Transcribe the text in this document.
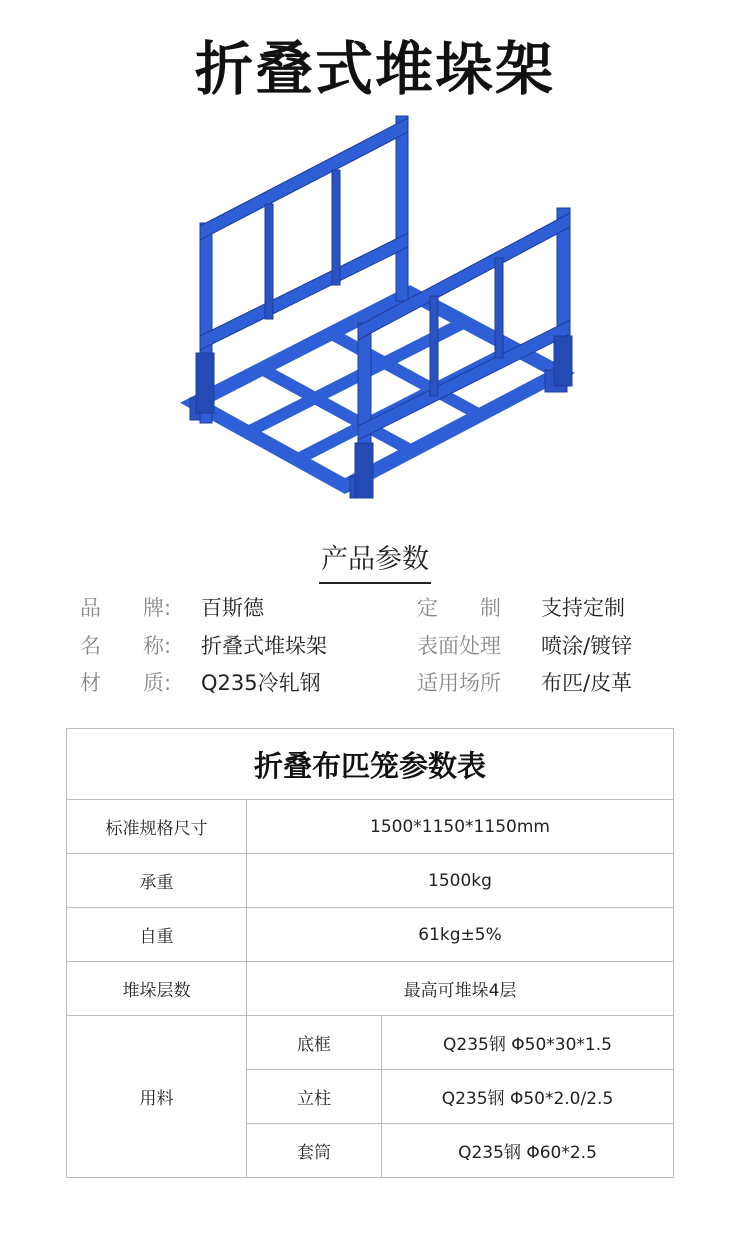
折叠式堆垛架
产品参数
品　　牌: 百斯德	定　　制 支持定制
名　　称: 折叠式堆垛架	表面处理 喷涂/镀锌
材　　质: Q235冷轧钢	适用场所 布匹/皮革
折叠布匹笼参数表		
标准规格尺寸	1500*1150*1150mm	
承重	1500kg	
自重	61kg±5%	
堆垛层数	最高可堆垛4层	
用料	底框	Q235钢 Φ50*30*1.5
	立柱	Q235钢 Φ50*2.0/2.5
	套筒	Q235钢 Φ60*2.5
